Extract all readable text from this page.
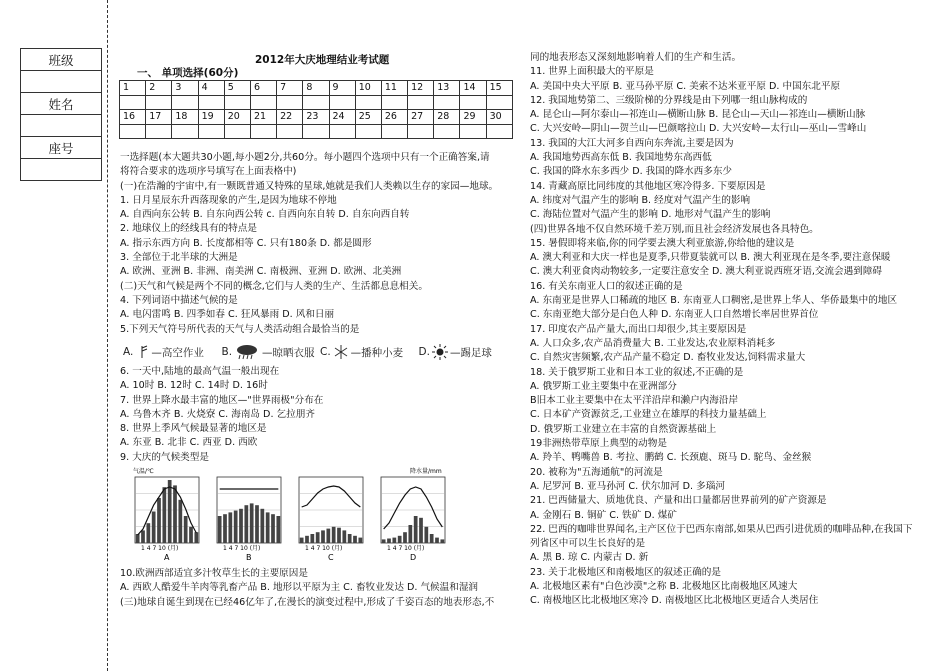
班级

姓名

座号

2012年大庆地理结业考试题
一、 单项选择(60分)
1	2	3	4	5	6	7	8	9	10	11	12	13	14	15

16	17	18	19	20	21	22	23	24	25	26	27	28	29	30

一选择题(本大题共30小题,每小题2分,共60分。每小题四个选项中只有一个正确答案,请
将符合要求的选项序号填写在上面表格中)
(一)在浩瀚的宇宙中,有一颗既普通又特殊的星球,她就是我们人类赖以生存的家园—地球。
1. 日月星辰东升西落现象的产生,是因为地球不停地
A. 自西向东公转 B. 自东向西公转 c. 自西向东自转 D. 自东向西自转
2. 地球仪上的经线具有的特点是
A. 指示东西方向 B. 长度都相等 C. 只有180条 D. 都是圆形
3. 全部位于北半球的大洲是
A. 欧洲、亚洲 B. 非洲、南美洲 C. 南极洲、亚洲 D. 欧洲、北美洲
(二)天气和气候是两个不同的概念,它们与人类的生产、生活都息息相关。
4. 下列词语中描述气候的是
A. 电闪雷鸣 B. 四季如春 C. 狂风暴雨 D. 风和日丽
5.下列天气符号所代表的天气与人类活动组合最恰当的是
A. —高空作业 B.	—晾晒衣服 C. —播种小麦 D. —踢足球
6. 一天中,陆地的最高气温一般出现在
A. 10时 B. 12时 C. 14时 D. 16时
7. 世界上降水最丰富的地区—"世界雨极"分布在
A. 乌鲁木齐 B. 火烧寮 C. 海南岛 D. 乞拉朋齐
8. 世界上季风气候最显著的地区是
A. 东亚 B. 北非 C. 西亚 D. 西欧
9. 大庆的气候类型是
气温/℃	降水量/mm
1 4 7 10 (月)
A
1 4 7 10 (月)
B
1 4 7 10 (月)
C
1 4 7 10 (月)
D
10.欧洲西部适宜多汁牧草生长的主要原因是
A. 西欧人酷爱牛羊肉等乳畜产品 B. 地形以平原为主 C. 畜牧业发达 D. 气候温和湿润
(三)地球自诞生到现在已经46亿年了,在漫长的演变过程中,形成了千姿百态的地表形态,不
同的地表形态又深刻地影响着人们的生产和生活。
11. 世界上面积最大的平原是
A. 美国中央大平原 B. 亚马孙平原 C. 美索不达米亚平原 D. 中国东北平原
12. 我国地势第二、三级阶梯的分界线是由下列哪一组山脉构成的
A. 昆仑山—阿尔泰山—祁连山—横断山脉 B. 昆仑山—天山—祁连山—横断山脉
C. 大兴安岭—阴山—贺兰山—巴颜喀拉山 D. 大兴安岭—太行山—巫山—雪峰山
13. 我国的大江大河多自西向东奔流,主要是因为
A. 我国地势西高东低 B. 我国地势东高西低
C. 我国的降水东多西少 D. 我国的降水西多东少
14. 青藏高原比同纬度的其他地区寒冷得多. 下要原因是
A. 纬度对气温产生的影响 B. 经度对气温产生的影响
C. 海陆位置对气温产生的影响 D. 地形对气温产生的影响
(四)世界各地不仅自然环境千差万别,而且社会经济发展也各具特色。
15. 暑假即将来临,你的同学要去澳大利亚旅游,你给他的建议是
A. 澳大利亚和大庆一样也是夏季,只带夏装就可以 B. 澳大利亚现在是冬季,要注意保暖
C. 澳大利亚食肉动物较多,一定要注意安全 D. 澳大利亚说西班牙语,交流会遇到障碍
16. 有关东南亚人口的叙述正确的是
A. 东南亚是世界人口稀疏的地区 B. 东南亚人口稠密,是世界上华人、华侨最集中的地区
C. 东南亚绝大部分是白色人种 D. 东南亚人口自然增长率居世界首位
17. 印度农产品产量大,而出口却很少,其主要原因是
A. 人口众多,农产品消费量大 B. 工业发达,农业原料消耗多
C. 自然灾害频繁,农产品产量不稳定 D. 畜牧业发达,饲料需求量大
18. 关于俄罗斯工业和日本工业的叙述,不正确的是
A. 俄罗斯工业主要集中在亚洲部分
B旧本工业主要集中在太平洋沿岸和濑户内海沿岸
C. 日本矿产资源贫乏,工业建立在雄厚的科技力量基础上
D. 俄罗斯工业建立在丰富的自然资源基础上
19非洲热带草原上典型的动物是
A. 羚羊、鸭嘴兽 B. 考拉、鹏鹤 C. 长颈鹿、斑马 D. 駝鸟、金丝猴
20. 被称为"五海通航"的河流是
A. 尼罗河 B. 亚马孙河 C. 伏尔加河 D. 多瑙河
21. 巴西储量大、质地优良、产量和出口量都居世界前列的矿产资源是
A. 金刚石 B. 铜矿 C. 铁矿 D. 煤矿
22. 巴西的咖啡世界闻名,主产区位于巴西东南部,如果从巴西引进优质的咖啡品种,在我国下
列省区中可以生长良好的是
A. 黑 B. 琼 C. 内蒙古 D. 新
23. 关于北极地区和南极地区的叙述正确的是
A. 北极地区素有"白色沙漠"之称 B. 北极地区比南极地区风速大
C. 南极地区比北极地区寒冷 D. 南极地区比北极地区更适合人类居住
